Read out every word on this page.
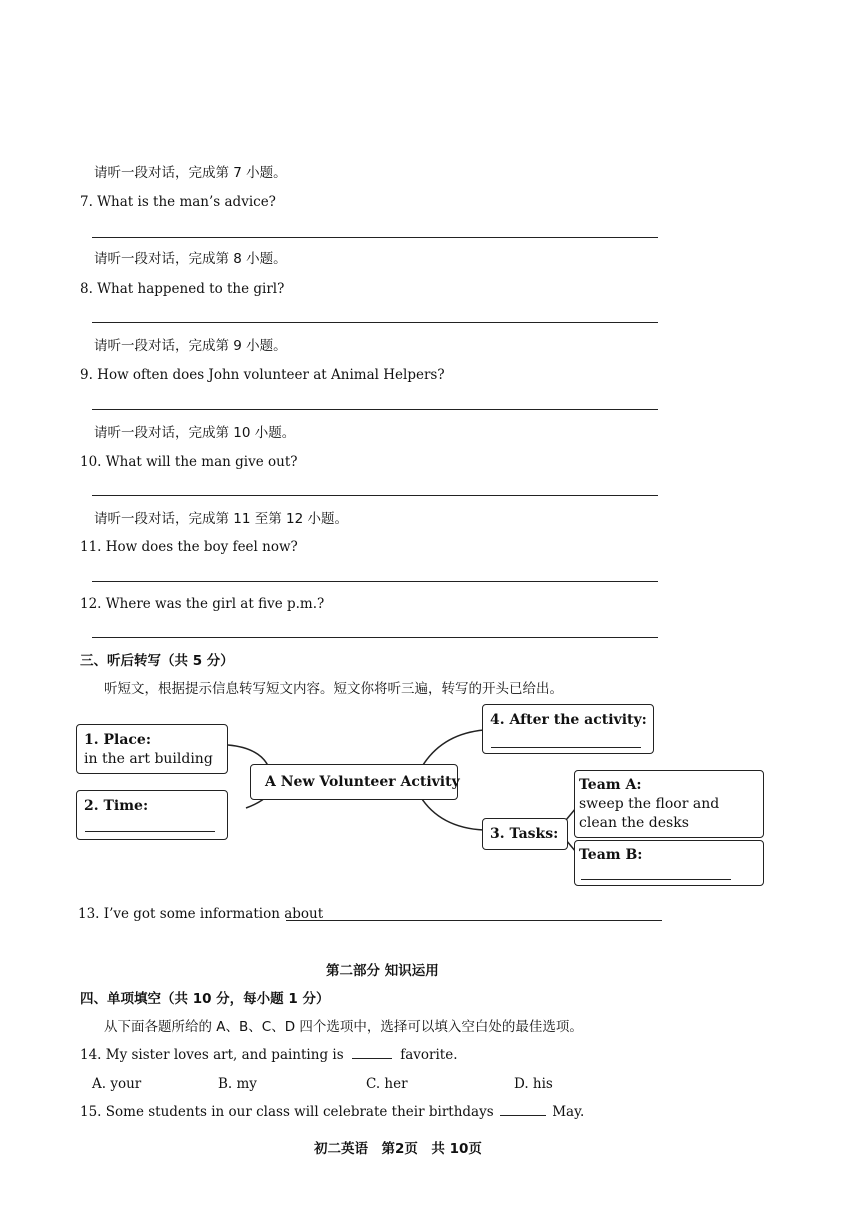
请听一段对话，完成第 7 小题。
7. What is the man’s advice?
请听一段对话，完成第 8 小题。
8. What happened to the girl?
请听一段对话，完成第 9 小题。
9. How often does John volunteer at Animal Helpers?
请听一段对话，完成第 10 小题。
10. What will the man give out?
请听一段对话，完成第 11 至第 12 小题。
11. How does the boy feel now?
12. Where was the girl at five p.m.?
三、听后转写（共 5 分）
听短文，根据提示信息转写短文内容。短文你将听三遍，转写的开头已给出。
1. Place:
in the art building
2. Time:
A New Volunteer Activity
4. After the activity:
3. Tasks:
Team A:
sweep the floor and
clean the desks
Team B:
13. I’ve got some information about
第二部分 知识运用
四、单项填空（共 10 分，每小题 1 分）
从下面各题所给的 A、B、C、D 四个选项中，选择可以填入空白处的最佳选项。
14. My sister loves art, and painting is	favorite.
A. your	B. my	C. her	D. his
15. Some students in our class will celebrate their birthdays	May.
初二英语　第2页　共 10页
